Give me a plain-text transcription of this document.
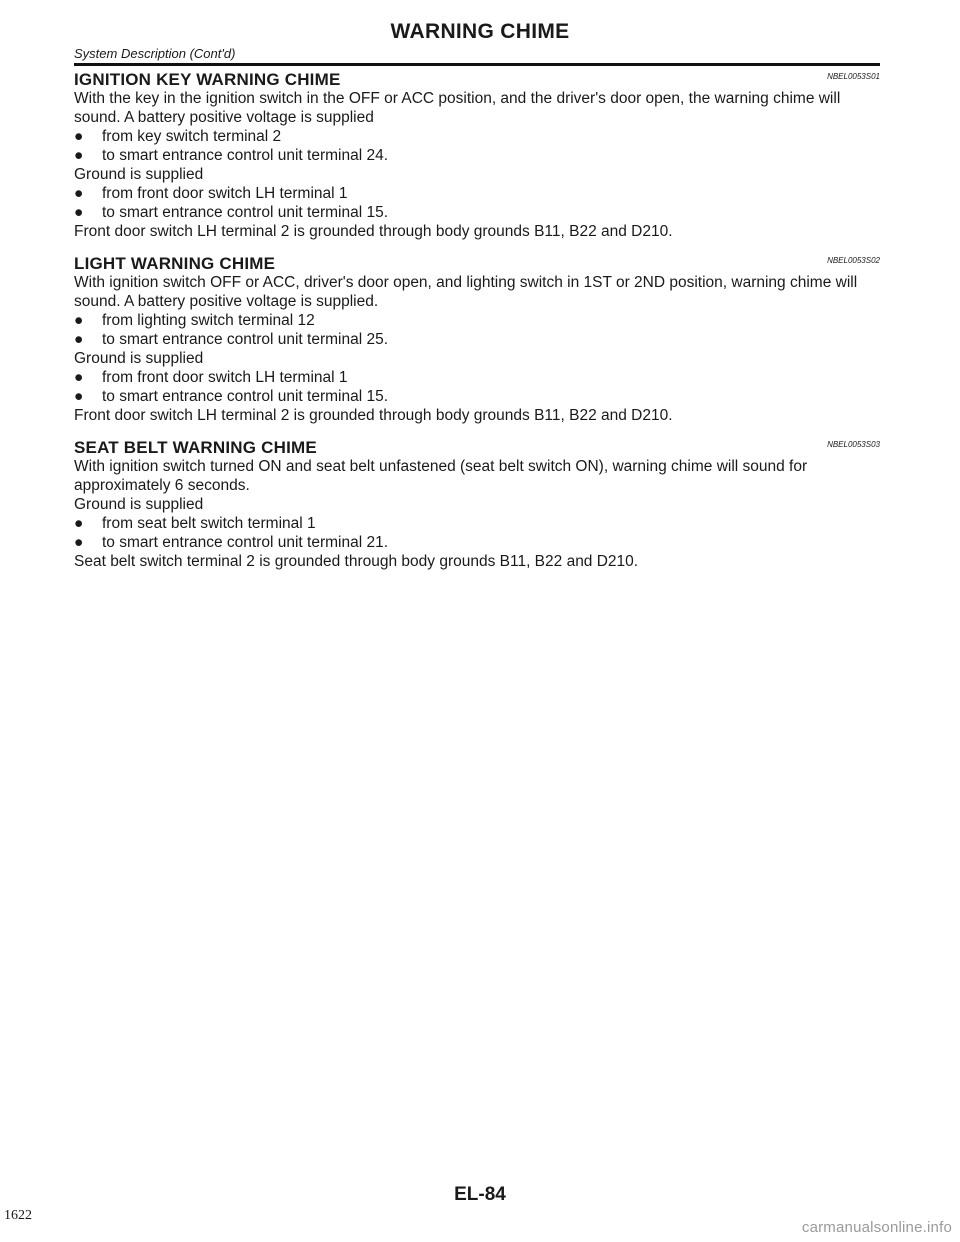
WARNING CHIME

System Description (Cont'd)

IGNITION KEY WARNING CHIME	NBEL0053S01

With the key in the ignition switch in the OFF or ACC position, and the driver's door open, the warning chime will sound. A battery positive voltage is supplied

●	from key switch terminal 2
●	to smart entrance control unit terminal 24.

Ground is supplied

●	from front door switch LH terminal 1
●	to smart entrance control unit terminal 15.

Front door switch LH terminal 2 is grounded through body grounds B11, B22 and D210.

LIGHT WARNING CHIME	NBEL0053S02

With ignition switch OFF or ACC, driver's door open, and lighting switch in 1ST or 2ND position, warning chime will sound. A battery positive voltage is supplied.

●	from lighting switch terminal 12
●	to smart entrance control unit terminal 25.

Ground is supplied

●	from front door switch LH terminal 1
●	to smart entrance control unit terminal 15.

Front door switch LH terminal 2 is grounded through body grounds B11, B22 and D210.

SEAT BELT WARNING CHIME	NBEL0053S03

With ignition switch turned ON and seat belt unfastened (seat belt switch ON), warning chime will sound for approximately 6 seconds.

Ground is supplied

●	from seat belt switch terminal 1
●	to smart entrance control unit terminal 21.

Seat belt switch terminal 2 is grounded through body grounds B11, B22 and D210.

EL-84
1622
carmanualsonline.info
